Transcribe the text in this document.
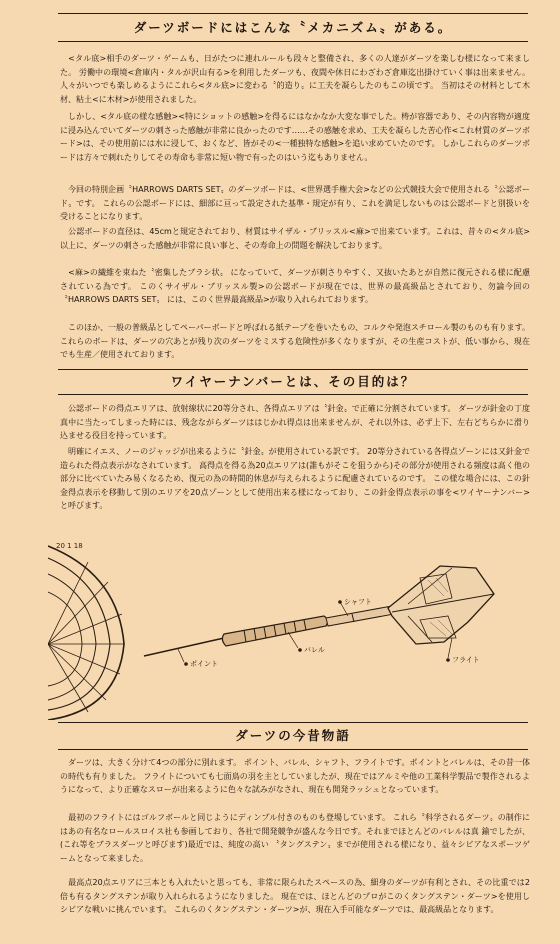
ダーツボードにはこんな〝メカニズム〟がある。

　<タル底>相手のダーツ・ゲームも、日がたつに連れルールも段々と整備され、多くの人達がダーツを楽しむ様になって来ました。 労働中の環境<倉庫内・タルが沢山有る>を利用したダーツも、夜間や休日にわざわざ倉庫迄出掛けていく事は出来ません。 人々がいつでも楽しめるようにこれら<タル底>に変わる〝的造り〟に工夫を凝らしたのもこの頃です。 当初はその材料として木材、粘土<に木材>が使用されました。

　しかし、<タル底の様な感触><特にショットの感触>を得るにはなかなか大変な事でした。梼が容器であり、その内容物が適度に浸み込んでいてダーツの刺さった感触が非常に良かったのです……その感触を求め、工夫を凝らした苦心作<これ材質のダーツボード>は、その使用前には水に浸して、おくなど、皆がその<一種独特な感触>を追い求めていたのです。 しかしこれらのダーツボードは方々で刺れたりしてその寿命も非常に短い物で有ったのはいう迄もありません。

　今回の特別企画〝HARROWS DARTS SET〟のダーツボードは、<世界選手権大会>などの公式競技大会で使用される〝公認ボード〟です。 これらの公認ボードには、細部に亘って設定された基準・規定が有り、これを満足しないものは公認ボードと別扱いを受けることになります。

　公認ボードの直径は、45cmと規定されており、材質はサイザル・ブリッスル<麻>で出来ています。これは、昔々の<タル底>以上に、ダーツの刺さった感触が非常に良い事と、その寿命上の問題を解決しております。

　<麻>の繊維を束ねた〝密集したブラシ状〟 になっていて、ダーツが刺さりやすく、又抜いたあとが自然に復元される様に配慮されている為です。 このくサイザル・ブリッスル製>の公認ボードが現在では、世界の最高級品とされており、勿論今回の〝HARROWS DARTS SET〟 には、このく世界最高級品>が取り入れられております。

　このほか、一般の普級品としてペーパーボードと呼ばれる紙テープを巻いたもの、コルクや発泡スチロール製のものも有ります。これらのボードは、ダーツの穴あとが残り次のダーツをミスする危険性が多くなりますが、その生産コストが、低い事から、現在でも生産／使用されております。

ワイヤーナンバーとは、その目的は？

　公認ボードの得点エリアは、放射線状に20等分され、各得点エリアは〝針金〟で正確に分割されています。 ダーツが針金の丁度真中に当たってしまった時には、残念ながらダーツははじかれ得点は出来ませんが、それ以外は、必ず上下、左右どちらかに滑り込ませる役目を持っています。

　明確にイエス、ノーのジャッジが出来るように〝針金〟が使用されている訳です。 20等分されている各得点ゾーンには又針金で造られた得点表示がなされています。 高得点を得る為20点エリアは(誰もがそこを狙うから)その部分が使用される頻度は高く他の部分に比べていたみ易くなるため、復元の為の時間的休息が与えられるように配慮されているのです。 この様な場合には、この針金得点表示を移動して別のエリアを20点ゾーンとして使用出来る様になっており、この針金得点表示の事を<ワイヤーナンバー>と呼びます。

20 1 18
シャフト
バレル
ポイント	フライト
ダーツの今昔物語

　ダーツは、大きく分けて4つの部分に別れます。 ポイント、バレル、シャフト、フライトです。ポイントとバレルは、その昔一体の時代も有りました。 フライトについても七面鳥の羽を主としていましたが、現在ではアルミや他の工業科学製品で製作されるようになって、より正確なスローが出来るように色々な試みがなされ、現在も開発ラッシュとなっています。

　最初のフライトにはゴルフボールと同じようにディンプル付きのものも登場しています。 これら〝科学されるダーツ〟の制作にはあの有名なロールスロイス社も参画しており、各社で開発競争が盛んな今日です。それまでほとんどのバレルは真 鍮でしたが、(これ等をブラスダーツと呼びます)最近では、純度の高い 〝タングステン〟までが使用される様になり、益々シビアなスポーツゲームとなって来ました。

　最高点20点エリアに三本とも入れたいと思っても、非常に限られたスペースの為、細身のダーツが有利とされ、その比重では2倍も有るタングステンが取り入れられるようになりました。 現在では、ほとんどのプロがこのくタングステン・ダーツ>を使用しシビアな戦いに挑んでいます。 これらのくタングステン・ダーツ>が、現在入手可能なダーツでは、最高級品となります。
